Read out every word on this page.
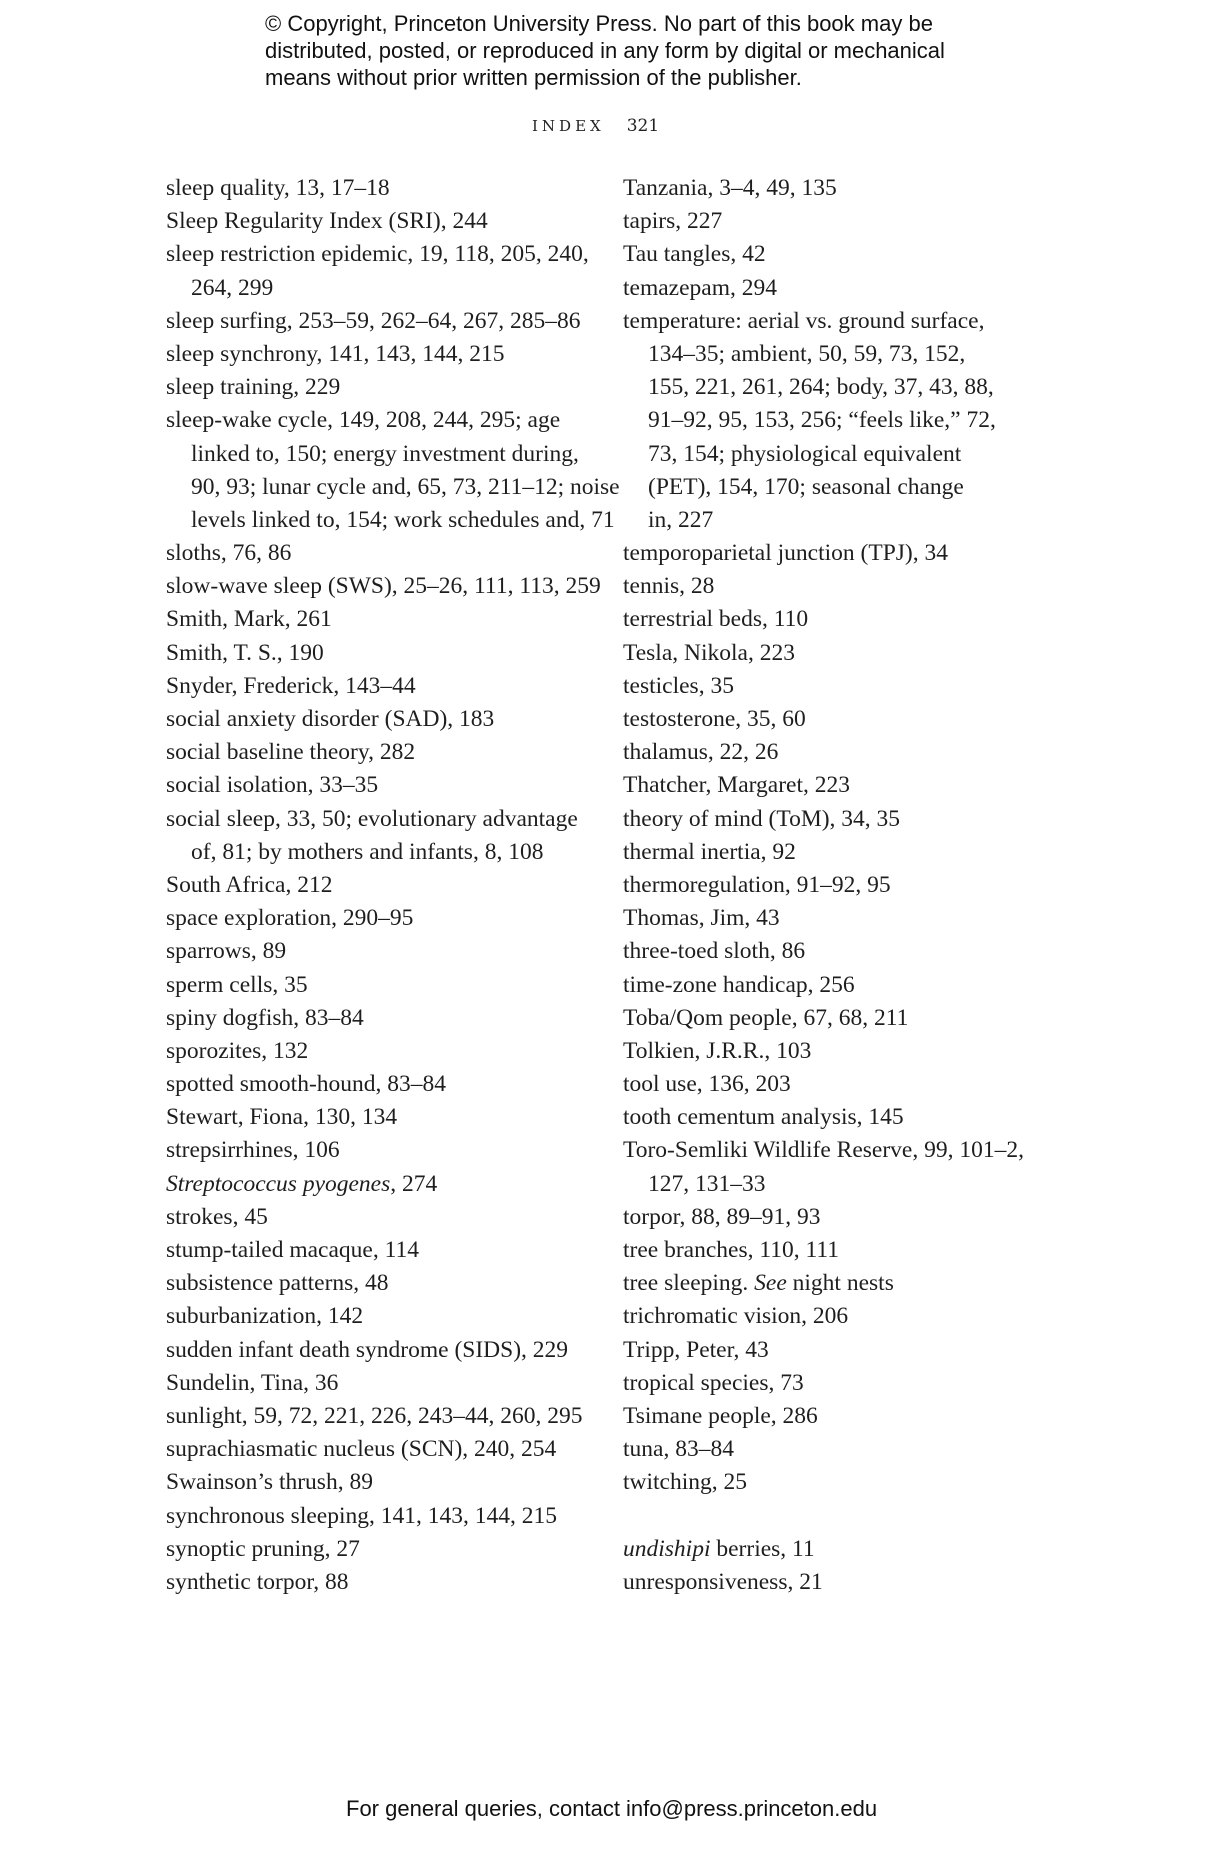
© Copyright, Princeton University Press. No part of this book may be
distributed, posted, or reproduced in any form by digital or mechanical
means without prior written permission of the publisher.
INDEX 321
sleep quality, 13, 17–18
Sleep Regularity Index (SRI), 244
sleep restriction epidemic, 19, 118, 205, 240,
264, 299
sleep surfing, 253–59, 262–64, 267, 285–86
sleep synchrony, 141, 143, 144, 215
sleep training, 229
sleep-wake cycle, 149, 208, 244, 295; age
linked to, 150; energy investment during,
90, 93; lunar cycle and, 65, 73, 211–12; noise
levels linked to, 154; work schedules and, 71
sloths, 76, 86
slow-wave sleep (SWS), 25–26, 111, 113, 259
Smith, Mark, 261
Smith, T. S., 190
Snyder, Frederick, 143–44
social anxiety disorder (SAD), 183
social baseline theory, 282
social isolation, 33–35
social sleep, 33, 50; evolutionary advantage
of, 81; by mothers and infants, 8, 108
South Africa, 212
space exploration, 290–95
sparrows, 89
sperm cells, 35
spiny dogfish, 83–84
sporozites, 132
spotted smooth-hound, 83–84
Stewart, Fiona, 130, 134
strepsirrhines, 106
Streptococcus pyogenes, 274
strokes, 45
stump-tailed macaque, 114
subsistence patterns, 48
suburbanization, 142
sudden infant death syndrome (SIDS), 229
Sundelin, Tina, 36
sunlight, 59, 72, 221, 226, 243–44, 260, 295
suprachiasmatic nucleus (SCN), 240, 254
Swainson’s thrush, 89
synchronous sleeping, 141, 143, 144, 215
synoptic pruning, 27
synthetic torpor, 88
Tanzania, 3–4, 49, 135
tapirs, 227
Tau tangles, 42
temazepam, 294
temperature: aerial vs. ground surface,
134–35; ambient, 50, 59, 73, 152,
155, 221, 261, 264; body, 37, 43, 88,
91–92, 95, 153, 256; “feels like,” 72,
73, 154; physiological equivalent
(PET), 154, 170; seasonal change
in, 227
temporoparietal junction (TPJ), 34
tennis, 28
terrestrial beds, 110
Tesla, Nikola, 223
testicles, 35
testosterone, 35, 60
thalamus, 22, 26
Thatcher, Margaret, 223
theory of mind (ToM), 34, 35
thermal inertia, 92
thermoregulation, 91–92, 95
Thomas, Jim, 43
three-toed sloth, 86
time-zone handicap, 256
Toba/Qom people, 67, 68, 211
Tolkien, J.R.R., 103
tool use, 136, 203
tooth cementum analysis, 145
Toro-Semliki Wildlife Reserve, 99, 101–2,
127, 131–33
torpor, 88, 89–91, 93
tree branches, 110, 111
tree sleeping. See night nests
trichromatic vision, 206
Tripp, Peter, 43
tropical species, 73
Tsimane people, 286
tuna, 83–84
twitching, 25
undishipi berries, 11
unresponsiveness, 21
For general queries, contact info@press.princeton.edu
